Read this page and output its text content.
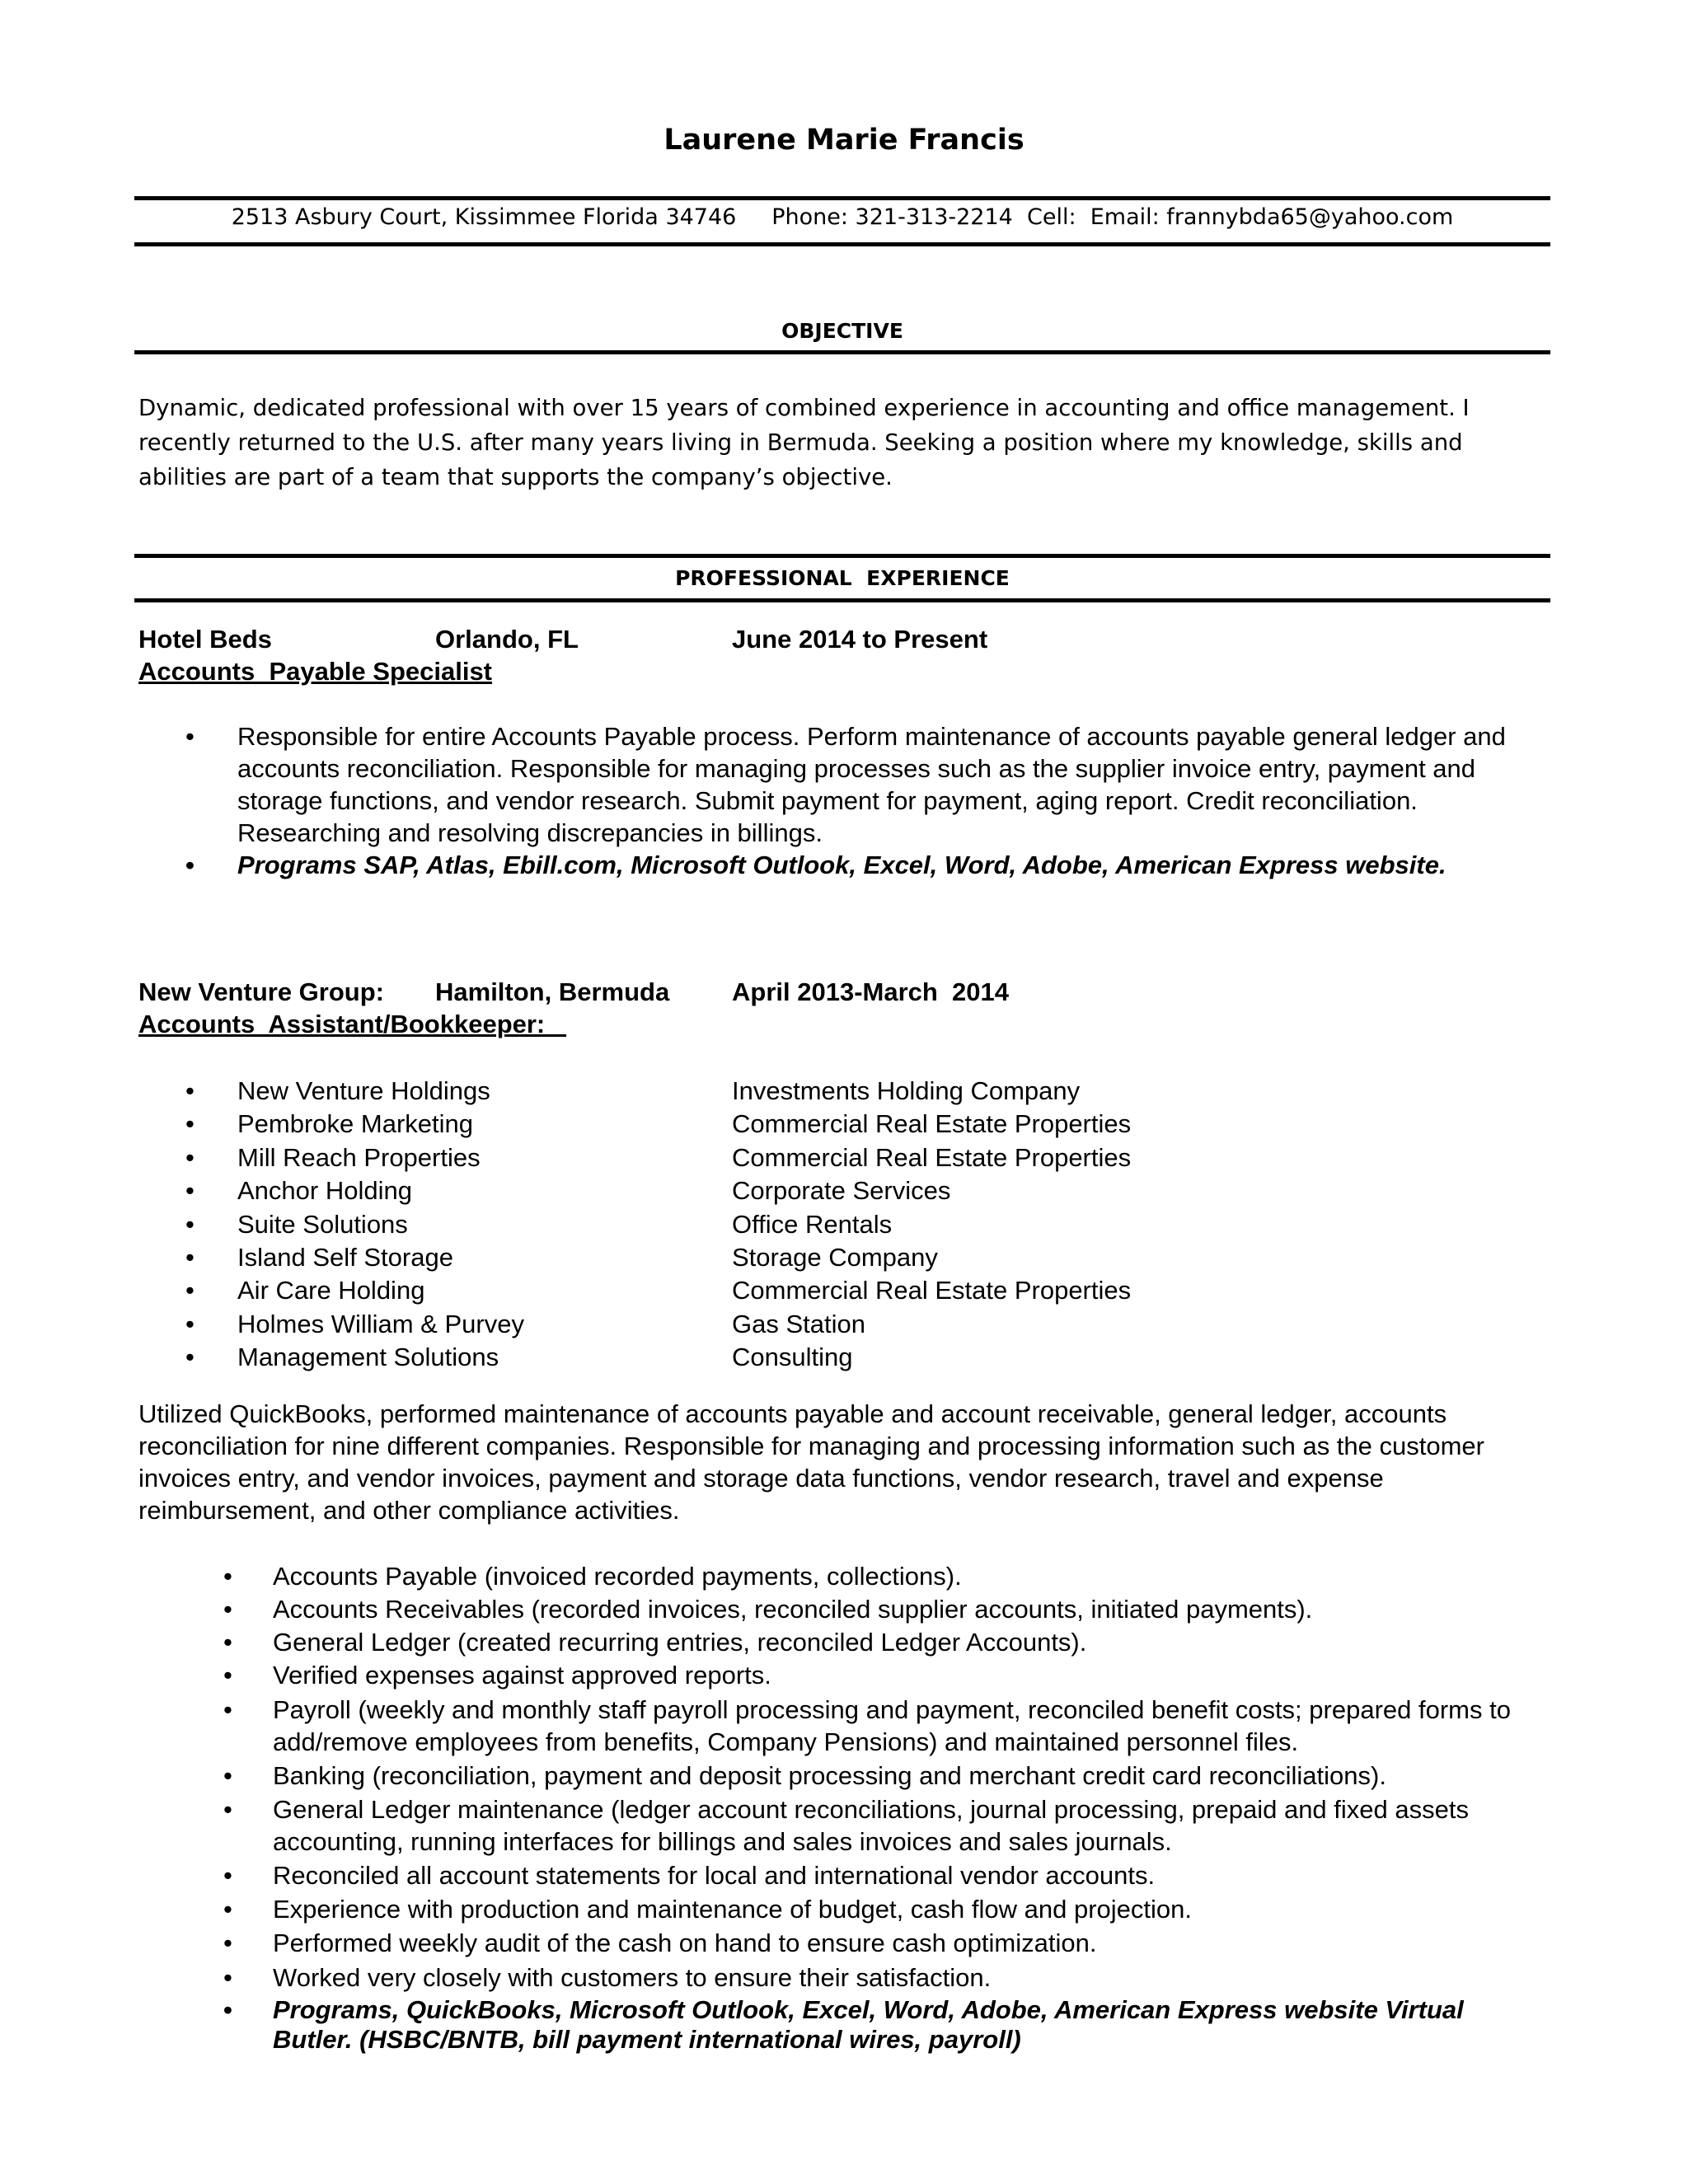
Laurene Marie Francis
2513 Asbury Court, Kissimmee Florida 34746     Phone: 321-313-2214  Cell:  Email: frannybda65@yahoo.com
OBJECTIVE
Dynamic, dedicated professional with over 15 years of combined experience in accounting and office management. I recently returned to the U.S. after many years living in Bermuda. Seeking a position where my knowledge, skills and abilities are part of a team that supports the company’s objective.
PROFESSIONAL  EXPERIENCE
Hotel Beds	Orlando, FL	June 2014 to Present
Accounts  Payable Specialist
• Responsible for entire Accounts Payable process. Perform maintenance of accounts payable general ledger and accounts reconciliation. Responsible for managing processes such as the supplier invoice entry, payment and storage functions, and vendor research. Submit payment for payment, aging report. Credit reconciliation. Researching and resolving discrepancies in billings.
• Programs SAP, Atlas, Ebill.com, Microsoft Outlook, Excel, Word, Adobe, American Express website.
New Venture Group: Hamilton, Bermuda April 2013-March  2014
Accounts  Assistant/Bookkeeper:
• New Venture Holdings	Investments Holding Company
• Pembroke Marketing	Commercial Real Estate Properties
• Mill Reach Properties	Commercial Real Estate Properties
• Anchor Holding	Corporate Services
• Suite Solutions	Office Rentals
• Island Self Storage	Storage Company
• Air Care Holding	Commercial Real Estate Properties
• Holmes William & Purvey	Gas Station
• Management Solutions	Consulting
Utilized QuickBooks, performed maintenance of accounts payable and account receivable, general ledger, accounts reconciliation for nine different companies. Responsible for managing and processing information such as the customer invoices entry, and vendor invoices, payment and storage data functions, vendor research, travel and expense reimbursement, and other compliance activities.
• Accounts Payable (invoiced recorded payments, collections).
• Accounts Receivables (recorded invoices, reconciled supplier accounts, initiated payments).
• General Ledger (created recurring entries, reconciled Ledger Accounts).
• Verified expenses against approved reports.
• Payroll (weekly and monthly staff payroll processing and payment, reconciled benefit costs; prepared forms to add/remove employees from benefits, Company Pensions) and maintained personnel files.
• Banking (reconciliation, payment and deposit processing and merchant credit card reconciliations).
• General Ledger maintenance (ledger account reconciliations, journal processing, prepaid and fixed assets accounting, running interfaces for billings and sales invoices and sales journals.
• Reconciled all account statements for local and international vendor accounts.
• Experience with production and maintenance of budget, cash flow and projection.
• Performed weekly audit of the cash on hand to ensure cash optimization.
• Worked very closely with customers to ensure their satisfaction.
• Programs, QuickBooks, Microsoft Outlook, Excel, Word, Adobe, American Express website Virtual Butler. (HSBC/BNTB, bill payment international wires, payroll)
